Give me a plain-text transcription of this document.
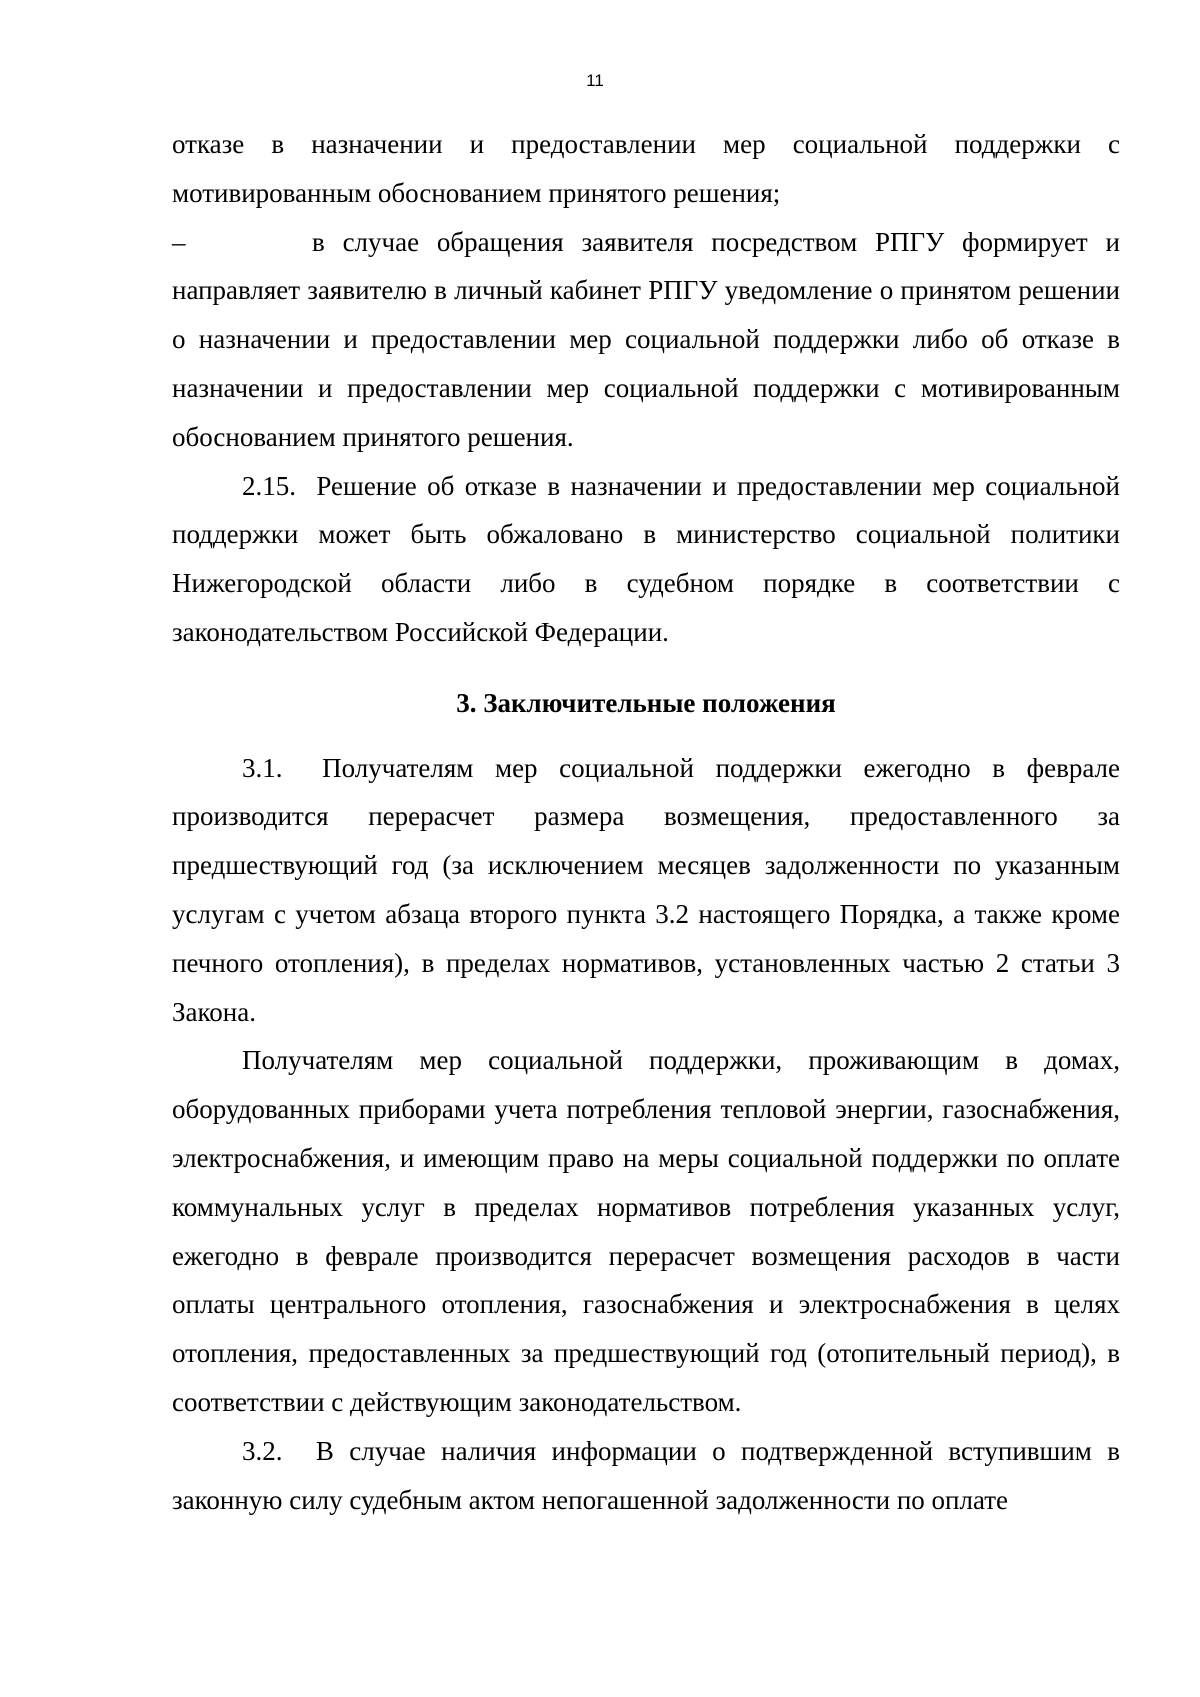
11

отказе в назначении и предоставлении мер социальной поддержки с мотивированным обоснованием принятого решения;

–	в случае обращения заявителя посредством РПГУ формирует и направляет заявителю в личный кабинет РПГУ уведомление о принятом решении о назначении и предоставлении мер социальной поддержки либо об отказе в назначении и предоставлении мер социальной поддержки с мотивированным обоснованием принятого решения.

2.15. Решение об отказе в назначении и предоставлении мер социальной поддержки может быть обжаловано в министерство социальной политики Нижегородской области либо в судебном порядке в соответствии с законодательством Российской Федерации.

3. Заключительные положения

3.1. Получателям мер социальной поддержки ежегодно в феврале производится перерасчет размера возмещения, предоставленного за предшествующий год (за исключением месяцев задолженности по указанным услугам с учетом абзаца второго пункта 3.2 настоящего Порядка, а также кроме печного отопления), в пределах нормативов, установленных частью 2 статьи 3 Закона.

Получателям мер социальной поддержки, проживающим в домах, оборудованных приборами учета потребления тепловой энергии, газоснабжения, электроснабжения, и имеющим право на меры социальной поддержки по оплате коммунальных услуг в пределах нормативов потребления указанных услуг, ежегодно в феврале производится перерасчет возмещения расходов в части оплаты центрального отопления, газоснабжения и электроснабжения в целях отопления, предоставленных за предшествующий год (отопительный период), в соответствии с действующим законодательством.

3.2. В случае наличия информации о подтвержденной вступившим в законную силу судебным актом непогашенной задолженности по оплате
